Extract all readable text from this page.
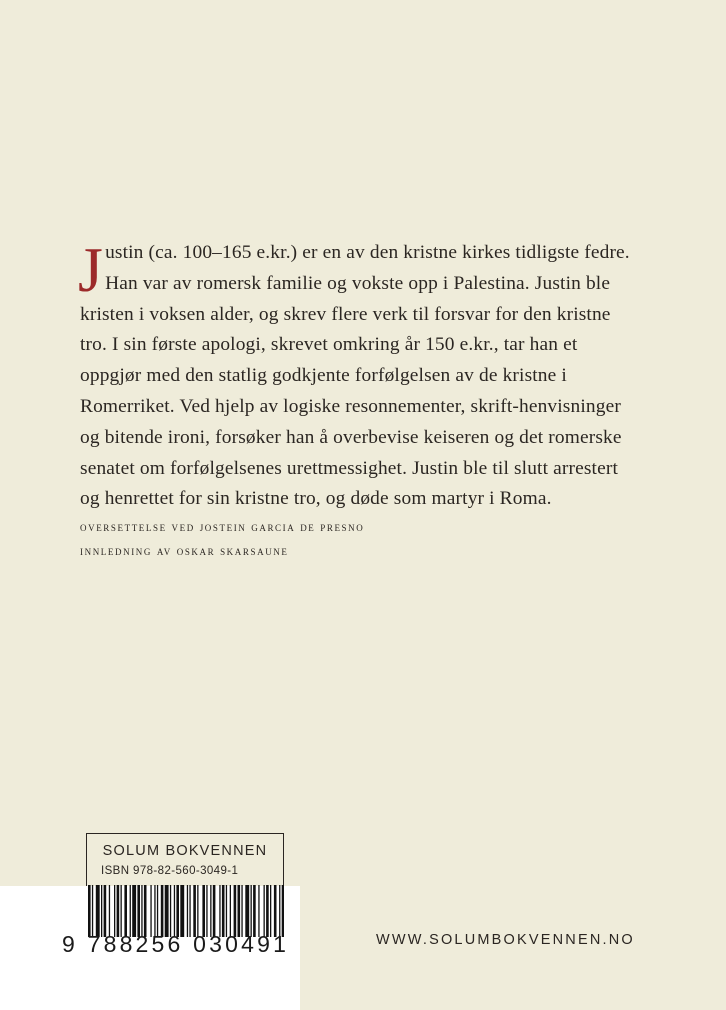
Justin (ca. 100–165 e.kr.) er en av den kristne kirkes tidligste fedre. Han var av romersk familie og vokste opp i Palestina. Justin ble kristen i voksen alder, og skrev flere verk til forsvar for den kristne tro. I sin første apologi, skrevet omkring år 150 e.kr., tar han et oppgjør med den statlig godkjente forfølgelsen av de kristne i Romerriket. Ved hjelp av logiske resonnementer, skrift-henvisninger og bitende ironi, forsøker han å overbevise keiseren og det romerske senatet om forfølgelsenes urettmessighet. Justin ble til slutt arrestert og henrettet for sin kristne tro, og døde som martyr i Roma.

oversettelse ved jostein garcia de presno
innledning av oskar skarsaune
SOLUM BOKVENNEN
ISBN 978-82-560-3049-1
9 788256 030491	WWW.SOLUMBOKVENNEN.NO
